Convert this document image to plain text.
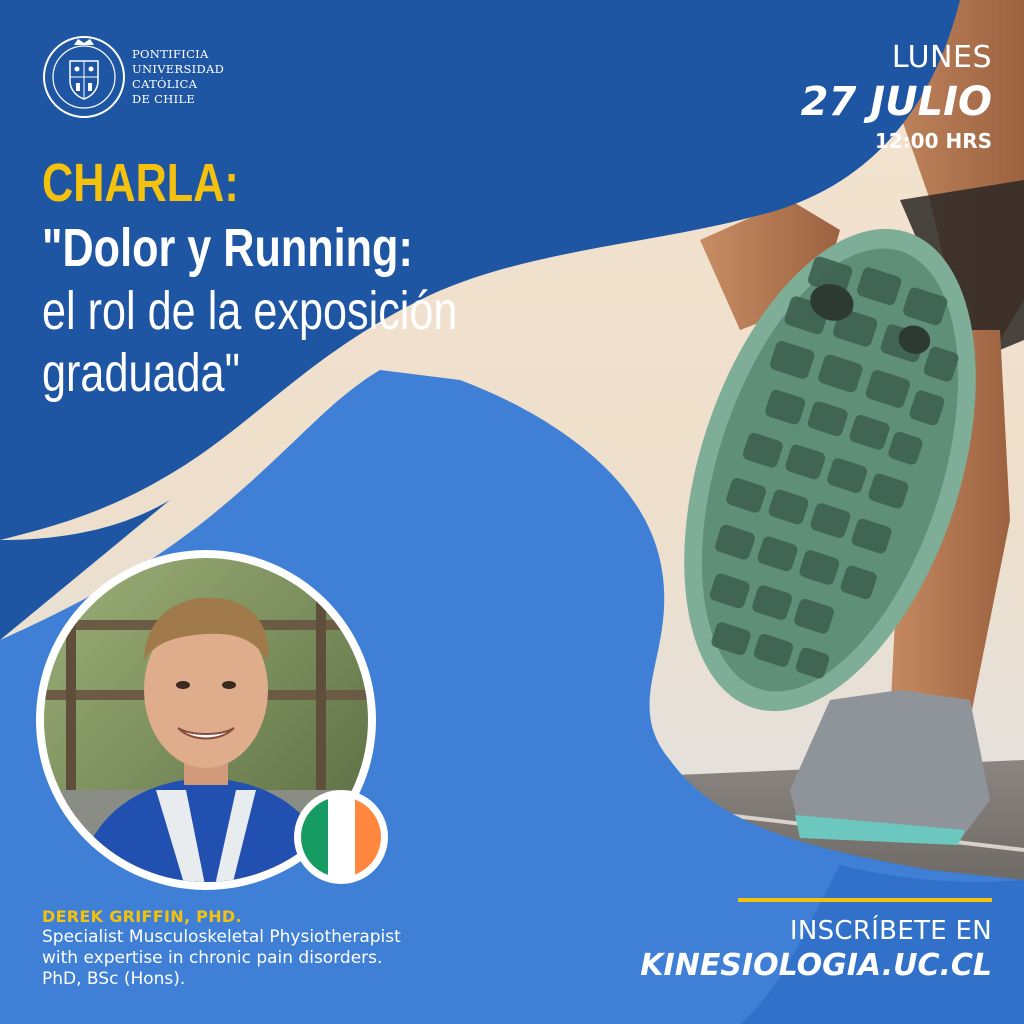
PONTIFICIA
UNIVERSIDAD
CATÓLICA
DE CHILE
LUNES
27 JULIO
12:00 HRS
CHARLA:
"Dolor y Running:
el rol de la exposición
graduada"
DEREK GRIFFIN, PHD.
Specialist Musculoskeletal Physiotherapist
with expertise in chronic pain disorders.
PhD, BSc (Hons).
INSCRÍBETE EN
KINESIOLOGIA.UC.CL
